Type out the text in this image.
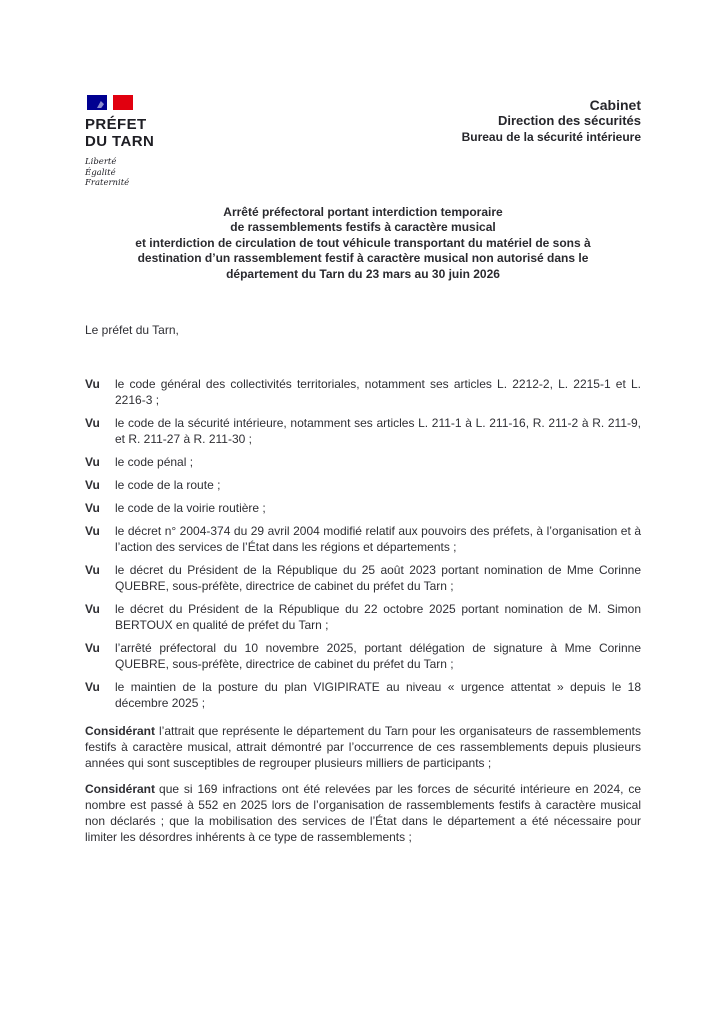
PRÉFET
DU TARN
Liberté
Égalité
Fraternité
Cabinet
Direction des sécurités
Bureau de la sécurité intérieure
Arrêté préfectoral portant interdiction temporaire
de rassemblements festifs à caractère musical
et interdiction de circulation de tout véhicule transportant du matériel de sons à
destination d’un rassemblement festif à caractère musical non autorisé dans le
département du Tarn du 23 mars au 30 juin 2026

Le préfet du Tarn,

Vu	le code général des collectivités territoriales, notamment ses articles L. 2212-2, L. 2215-1 et L. 2216-3 ;
Vu	le code de la sécurité intérieure, notamment ses articles L. 211-1 à L. 211-16, R. 211-2 à R. 211-9, et R. 211-27 à R. 211-30 ;
Vu	le code pénal ;
Vu	le code de la route ;
Vu	le code de la voirie routière ;
Vu	le décret n° 2004-374 du 29 avril 2004 modifié relatif aux pouvoirs des préfets, à l’organisation et à l’action des services de l’État dans les régions et départements ;
Vu	le décret du Président de la République du 25 août 2023 portant nomination de Mme Corinne QUEBRE, sous-préfète, directrice de cabinet du préfet du Tarn ;
Vu	le décret du Président de la République du 22 octobre 2025 portant nomination de M. Simon BERTOUX en qualité de préfet du Tarn ;
Vu	l’arrêté préfectoral du 10 novembre 2025, portant délégation de signature à Mme Corinne QUEBRE, sous-préfète, directrice de cabinet du préfet du Tarn ;
Vu	le maintien de la posture du plan VIGIPIRATE au niveau « urgence attentat » depuis le 18 décembre 2025 ;

Considérant l’attrait que représente le département du Tarn pour les organisateurs de rassemblements festifs à caractère musical, attrait démontré par l’occurrence de ces rassemblements depuis plusieurs années qui sont susceptibles de regrouper plusieurs milliers de participants ;

Considérant que si 169 infractions ont été relevées par les forces de sécurité intérieure en 2024, ce nombre est passé à 552 en 2025 lors de l’organisation de rassemblements festifs à caractère musical non déclarés ; que la mobilisation des services de l’État dans le département a été nécessaire pour limiter les désordres inhérents à ce type de rassemblements ;
